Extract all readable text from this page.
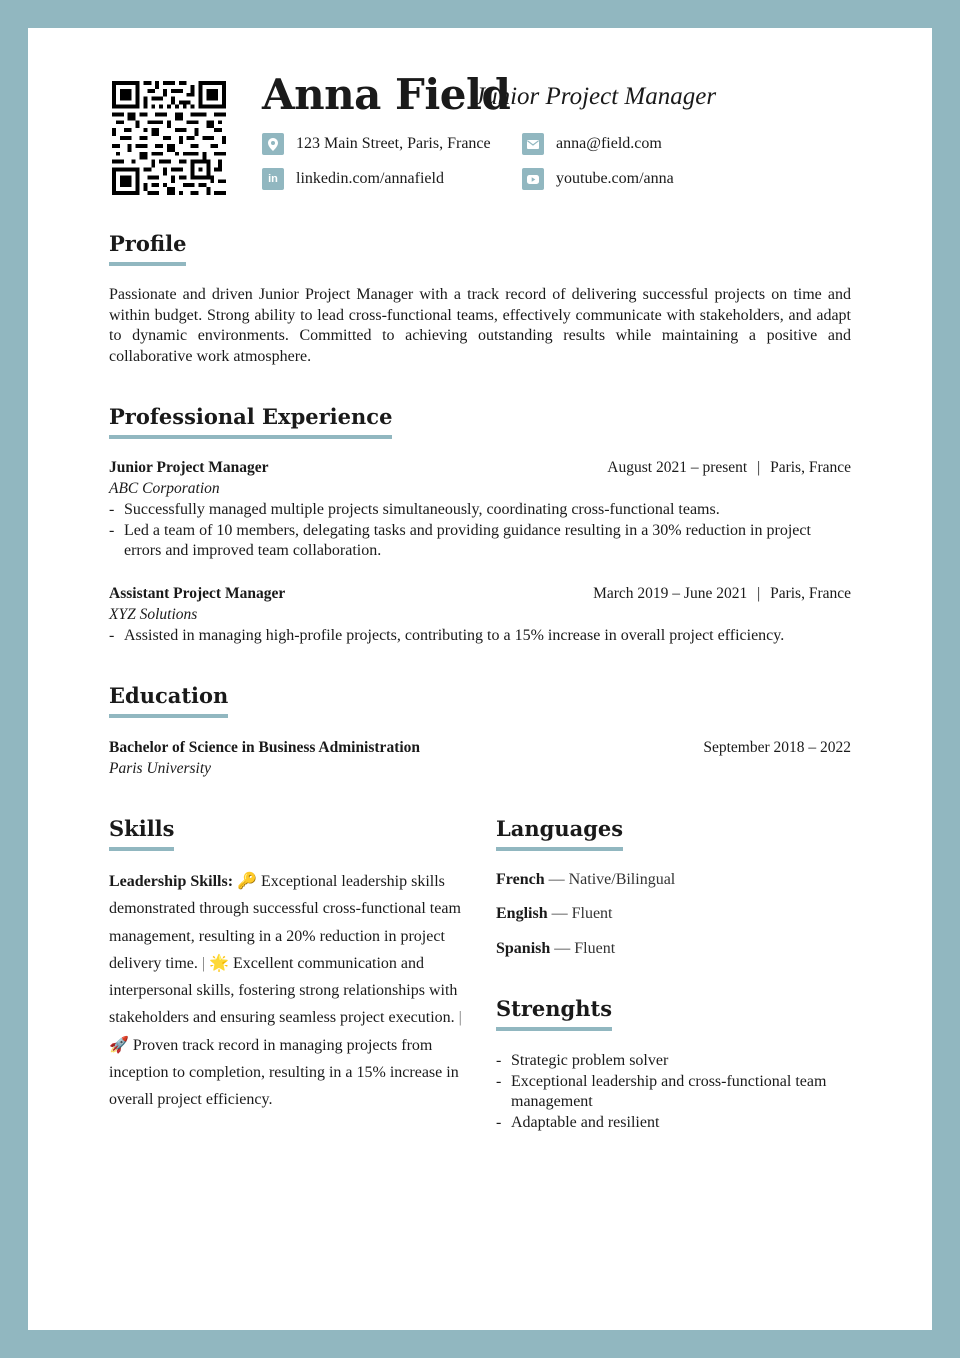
Anna Field
Junior Project Manager
123 Main Street, Paris, France	anna@field.com
in	linkedin.com/annafield	youtube.com/anna
Profile
Passionate and driven Junior Project Manager with a track record of delivering successful projects on time and within budget. Strong ability to lead cross-functional teams, effectively communicate with stakeholders, and adapt to dynamic environments. Committed to achieving outstanding results while maintaining a positive and collaborative work atmosphere.
Professional Experience
Junior Project Manager	August 2021 – present | Paris, France
ABC Corporation
- Successfully managed multiple projects simultaneously, coordinating cross-functional teams.
- Led a team of 10 members, delegating tasks and providing guidance resulting in a 30% reduction in project errors and improved team collaboration.
Assistant Project Manager	March 2019 – June 2021 | Paris, France
XYZ Solutions
- Assisted in managing high-profile projects, contributing to a 15% increase in overall project efficiency.
Education
Bachelor of Science in Business Administration	September 2018 – 2022
Paris University
Skills
Leadership Skills: 🔑 Exceptional leadership skills demonstrated through successful cross-functional team management, resulting in a 20% reduction in project delivery time. | 🌟 Excellent communication and interpersonal skills, fostering strong relationships with stakeholders and ensuring seamless project execution. | 🚀 Proven track record in managing projects from inception to completion, resulting in a 15% increase in overall project efficiency.
Languages
French — Native/Bilingual
English — Fluent
Spanish — Fluent
Strenghts
- Strategic problem solver
- Exceptional leadership and cross-functional team management
- Adaptable and resilient
